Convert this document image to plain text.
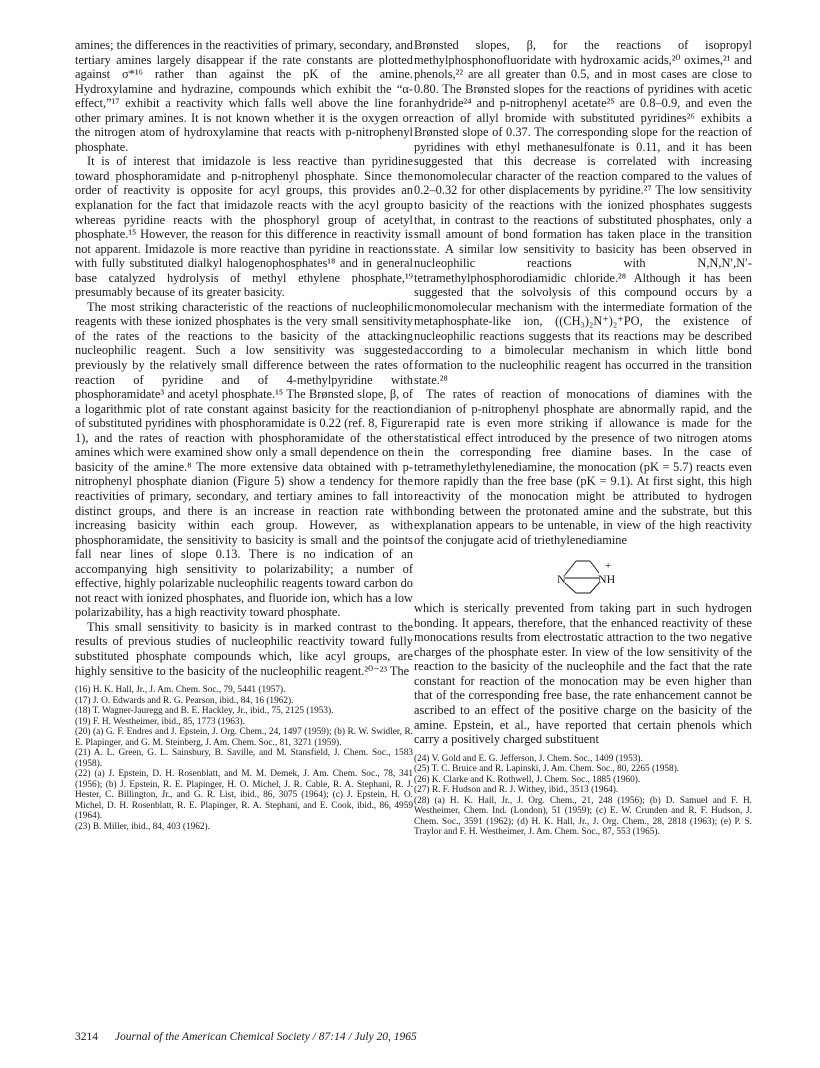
amines; the differences in the reactivities of primary, secondary, and tertiary amines largely disappear if the rate constants are plotted against σ*¹⁶ rather than against the pK of the amine. Hydroxylamine and hydrazine, compounds which exhibit the “α-effect,”¹⁷ exhibit a reactivity which falls well above the line for other primary amines. It is not known whether it is the oxygen or the nitrogen atom of hydroxylamine that reacts with p-nitrophenyl phosphate.

It is of interest that imidazole is less reactive than pyridine toward phosphoramidate and p-nitrophenyl phosphate. Since the order of reactivity is opposite for acyl groups, this provides an explanation for the fact that imidazole reacts with the acyl group whereas pyridine reacts with the phosphoryl group of acetyl phosphate.¹⁵ However, the reason for this difference in reactivity is not apparent. Imidazole is more reactive than pyridine in reactions with fully substituted dialkyl halogenophosphates¹⁸ and in general base catalyzed hydrolysis of methyl ethylene phosphate,¹⁹ presumably because of its greater basicity.

The most striking characteristic of the reactions of nucleophilic reagents with these ionized phosphates is the very small sensitivity of the rates of the reactions to the basicity of the attacking nucleophilic reagent. Such a low sensitivity was suggested previously by the relatively small difference between the rates of reaction of pyridine and of 4-methylpyridine with phosphoramidate³ and acetyl phosphate.¹⁵ The Brønsted slope, β, of a logarithmic plot of rate constant against basicity for the reaction of substituted pyridines with phosphoramidate is 0.22 (ref. 8, Figure 1), and the rates of reaction with phosphoramidate of the other amines which were examined show only a small dependence on the basicity of the amine.⁸ The more extensive data obtained with p-nitrophenyl phosphate dianion (Figure 5) show a tendency for the reactivities of primary, secondary, and tertiary amines to fall into distinct groups, and there is an increase in reaction rate with increasing basicity within each group. However, as with phosphoramidate, the sensitivity to basicity is small and the points fall near lines of slope 0.13. There is no indication of an accompanying high sensitivity to polarizability; a number of effective, highly polarizable nucleophilic reagents toward carbon do not react with ionized phosphates, and fluoride ion, which has a low polarizability, has a high reactivity toward phosphate.

This small sensitivity to basicity is in marked contrast to the results of previous studies of nucleophilic reactivity toward fully substituted phosphate compounds which, like acyl groups, are highly sensitive to the basicity of the nucleophilic reagent.²⁰⁻²³ The

(16) H. K. Hall, Jr., J. Am. Chem. Soc., 79, 5441 (1957).
(17) J. O. Edwards and R. G. Pearson, ibid., 84, 16 (1962).
(18) T. Wagner-Jauregg and B. E. Hackley, Jr., ibid., 75, 2125 (1953).
(19) F. H. Westheimer, ibid., 85, 1773 (1963).
(20) (a) G. F. Endres and J. Epstein, J. Org. Chem., 24, 1497 (1959); (b) R. W. Swidler, R. E. Plapinger, and G. M. Steinberg, J. Am. Chem. Soc., 81, 3271 (1959).
(21) A. L. Green, G. L. Sainsbury, B. Saville, and M. Stansfield, J. Chem. Soc., 1583 (1958).
(22) (a) J. Epstein, D. H. Rosenblatt, and M. M. Demek, J. Am. Chem. Soc., 78, 341 (1956); (b) J. Epstein, R. E. Plapinger, H. O. Michel, J. R. Cable, R. A. Stephani, R. J. Hester, C. Billington, Jr., and G. R. List, ibid., 86, 3075 (1964); (c) J. Epstein, H. O. Michel, D. H. Rosenblatt, R. E. Plapinger, R. A. Stephani, and E. Cook, ibid., 86, 4959 (1964).
(23) B. Miller, ibid., 84, 403 (1962).

Brønsted slopes, β, for the reactions of isopropyl methylphosphonofluoridate with hydroxamic acids,²⁰ oximes,²¹ and phenols,²² are all greater than 0.5, and in most cases are close to 0.80. The Brønsted slopes for the reactions of pyridines with acetic anhydride²⁴ and p-nitrophenyl acetate²⁵ are 0.8–0.9, and even the reaction of allyl bromide with substituted pyridines²⁶ exhibits a Brønsted slope of 0.37. The corresponding slope for the reaction of pyridines with ethyl methanesulfonate is 0.11, and it has been suggested that this decrease is correlated with increasing monomolecular character of the reaction compared to the values of 0.2–0.32 for other displacements by pyridine.²⁷ The low sensitivity to basicity of the reactions with the ionized phosphates suggests that, in contrast to the reactions of substituted phosphates, only a small amount of bond formation has taken place in the transition state. A similar low sensitivity to basicity has been observed in nucleophilic reactions with N,N,N′,N′-tetramethylphosphorodiamidic chloride.²⁸ Although it has been suggested that the solvolysis of this compound occurs by a monomolecular mechanism with the intermediate formation of the metaphosphate-like ion, ((CH₃)₂N⁺)₂⁺PO, the existence of nucleophilic reactions suggests that its reactions may be described according to a bimolecular mechanism in which little bond formation to the nucleophilic reagent has occurred in the transition state.²⁸

The rates of reaction of monocations of diamines with the dianion of p-nitrophenyl phosphate are abnormally rapid, and the rapid rate is even more striking if allowance is made for the statistical effect introduced by the presence of two nitrogen atoms in the corresponding free diamine bases. In the case of tetramethylethylenediamine, the monocation (pK = 5.7) reacts even more rapidly than the free base (pK = 9.1). At first sight, this high reactivity of the monocation might be attributed to hydrogen bonding between the protonated amine and the substrate, but this explanation appears to be untenable, in view of the high reactivity of the conjugate acid of triethylenediamine

N	NH
+

which is sterically prevented from taking part in such hydrogen bonding. It appears, therefore, that the enhanced reactivity of these monocations results from electrostatic attraction to the two negative charges of the phosphate ester. In view of the low sensitivity of the reaction to the basicity of the nucleophile and the fact that the rate constant for reaction of the monocation may be even higher than that of the corresponding free base, the rate enhancement cannot be ascribed to an effect of the positive charge on the basicity of the amine. Epstein, et al., have reported that certain phenols which carry a positively charged substituent

(24) V. Gold and E. G. Jefferson, J. Chem. Soc., 1409 (1953).
(25) T. C. Bruice and R. Lapinski, J. Am. Chem. Soc., 80, 2265 (1958).
(26) K. Clarke and K. Rothwell, J. Chem. Soc., 1885 (1960).
(27) R. F. Hudson and R. J. Withey, ibid., 3513 (1964).
(28) (a) H. K. Hall, Jr., J. Org. Chem., 21, 248 (1956); (b) D. Samuel and F. H. Westheimer, Chem. Ind. (London), 51 (1959); (c) E. W. Crunden and R. F. Hudson, J. Chem. Soc., 3591 (1962); (d) H. K. Hall, Jr., J. Org. Chem., 28, 2818 (1963); (e) P. S. Traylor and F. H. Westheimer, J. Am. Chem. Soc., 87, 553 (1965).
3214 Journal of the American Chemical Society / 87:14 / July 20, 1965
